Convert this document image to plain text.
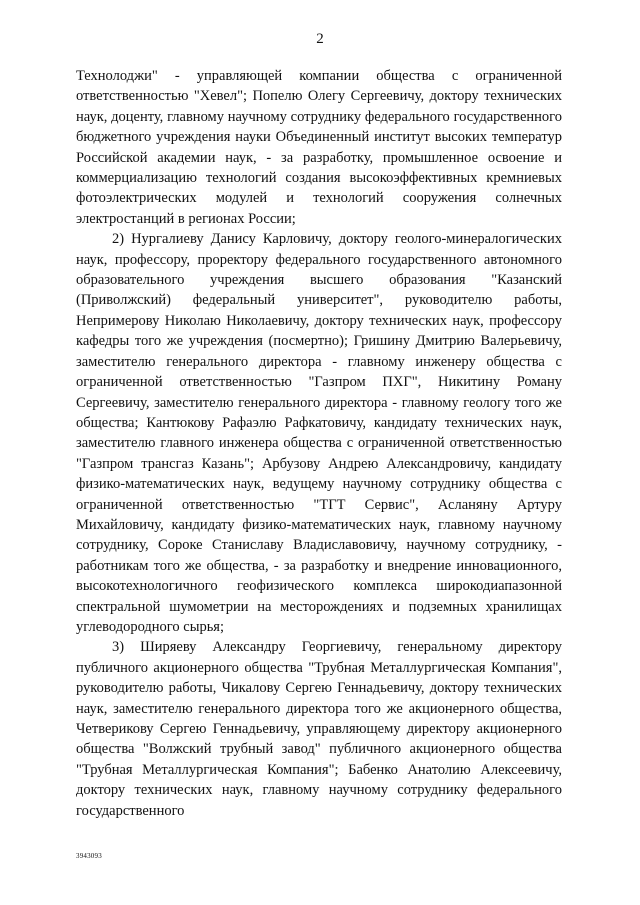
2

Технолоджи" - управляющей компании общества с ограниченной ответственностью "Хевел"; Попелю Олегу Сергеевичу, доктору технических наук, доценту, главному научному сотруднику федерального государственного бюджетного учреждения науки Объединенный институт высоких температур Российской академии наук, - за разработку, промышленное освоение и коммерциализацию технологий создания высокоэффективных кремниевых фотоэлектрических модулей и технологий сооружения солнечных электростанций в регионах России;

2) Нургалиеву Данису Карловичу, доктору геолого-минералогических наук, профессору, проректору федерального государственного автономного образовательного учреждения высшего образования "Казанский (Приволжский) федеральный университет", руководителю работы, Непримерову Николаю Николаевичу, доктору технических наук, профессору кафедры того же учреждения (посмертно); Гришину Дмитрию Валерьевичу, заместителю генерального директора - главному инженеру общества с ограниченной ответственностью "Газпром ПХГ", Никитину Роману Сергеевичу, заместителю генерального директора - главному геологу того же общества; Кантюкову Рафаэлю Рафкатовичу, кандидату технических наук, заместителю главного инженера общества с ограниченной ответственностью "Газпром трансгаз Казань"; Арбузову Андрею Александровичу, кандидату физико-математических наук, ведущему научному сотруднику общества с ограниченной ответственностью "ТГТ Сервис", Асланяну Артуру Михайловичу, кандидату физико-математических наук, главному научному сотруднику, Сороке Станиславу Владиславовичу, научному сотруднику, - работникам того же общества, - за разработку и внедрение инновационного, высокотехнологичного геофизического комплекса широкодиапазонной спектральной шумометрии на месторождениях и подземных хранилищах углеводородного сырья;

3) Ширяеву Александру Георгиевичу, генеральному директору публичного акционерного общества "Трубная Металлургическая Компания", руководителю работы, Чикалову Сергею Геннадьевичу, доктору технических наук, заместителю генерального директора того же акционерного общества, Четверикову Сергею Геннадьевичу, управляющему директору акционерного общества "Волжский трубный завод" публичного акционерного общества "Трубная Металлургическая Компания"; Бабенко Анатолию Алексеевичу, доктору технических наук, главному научному сотруднику федерального государственного

3943093
